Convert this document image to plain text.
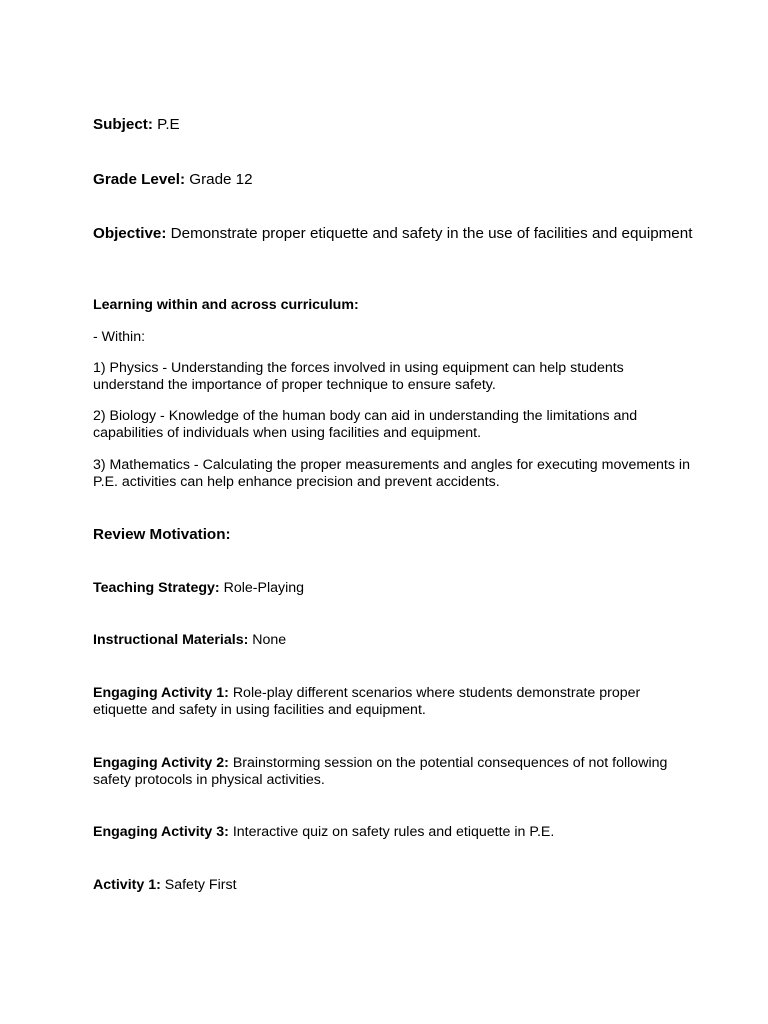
Subject: P.E
Grade Level: Grade 12
Objective: Demonstrate proper etiquette and safety in the use of facilities and equipment
Learning within and across curriculum:
- Within:
1) Physics - Understanding the forces involved in using equipment can help students understand the importance of proper technique to ensure safety.
2) Biology - Knowledge of the human body can aid in understanding the limitations and capabilities of individuals when using facilities and equipment.
3) Mathematics - Calculating the proper measurements and angles for executing movements in P.E. activities can help enhance precision and prevent accidents.
Review Motivation:
Teaching Strategy: Role-Playing
Instructional Materials: None
Engaging Activity 1: Role-play different scenarios where students demonstrate proper etiquette and safety in using facilities and equipment.
Engaging Activity 2: Brainstorming session on the potential consequences of not following safety protocols in physical activities.
Engaging Activity 3: Interactive quiz on safety rules and etiquette in P.E.
Activity 1: Safety First
